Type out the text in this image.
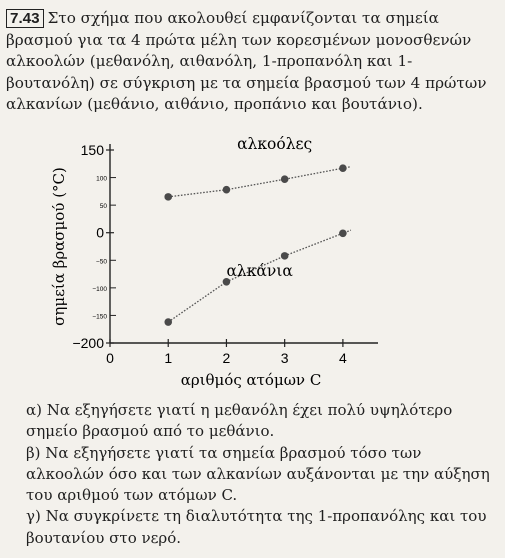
7.43 Στο σχήμα που ακολουθεί εμφανίζονται τα σημεία βρασμού για τα 4 πρώτα μέλη των κορεσμένων μονοσθενών αλκοολών (μεθανόλη, αιθανόλη, 1-προπανόλη και 1-βουτανόλη) σε σύγκριση με τα σημεία βρασμού των 4 πρώτων αλκανίων (μεθάνιο, αιθάνιο, προπάνιο και βουτάνιο).
150
0
−200
100
50
−50
−100
−150
0	1	2	3	4
αριθμός ατόμων C
σημεία βρασμού (°C)
αλκοόλες
αλκάνια

α) Να εξηγήσετε γιατί η μεθανόλη έχει πολύ υψηλότερο σημείο βρασμού από το μεθάνιο.

β) Να εξηγήσετε γιατί τα σημεία βρασμού τόσο των αλκοολών όσο και των αλκανίων αυξάνονται με την αύξηση του αριθμού των ατόμων C.

γ) Να συγκρίνετε τη διαλυτότητα της 1-προπανόλης και του βουτανίου στο νερό.
